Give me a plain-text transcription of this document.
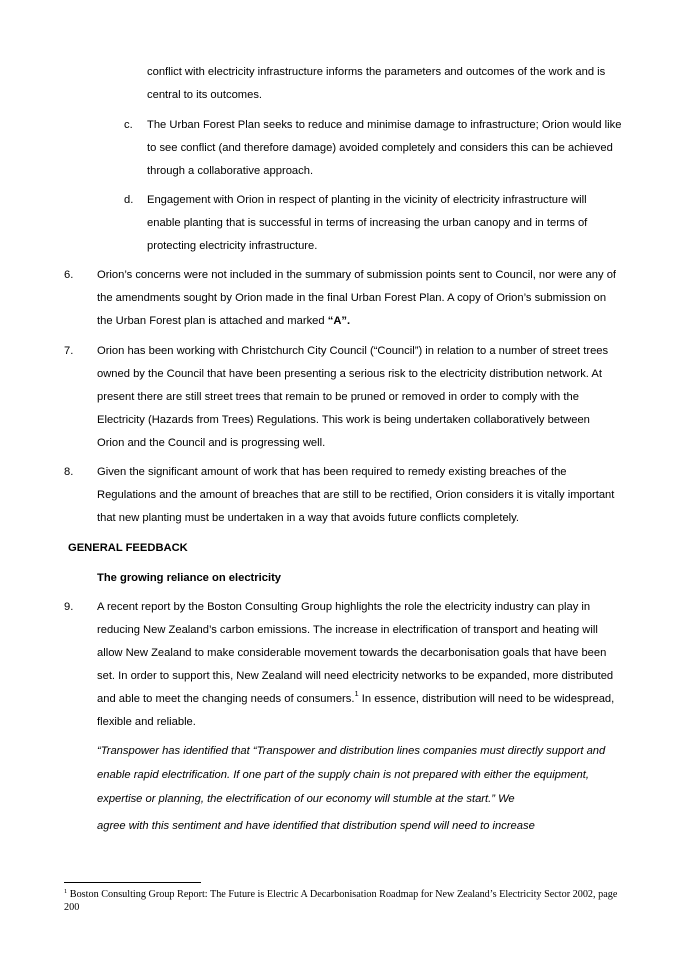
conflict with electricity infrastructure informs the parameters and outcomes of the work and is central to its outcomes.
c. The Urban Forest Plan seeks to reduce and minimise damage to infrastructure; Orion would like to see conflict (and therefore damage) avoided completely and considers this can be achieved through a collaborative approach.
d. Engagement with Orion in respect of planting in the vicinity of electricity infrastructure will enable planting that is successful in terms of increasing the urban canopy and in terms of protecting electricity infrastructure.
6. Orion’s concerns were not included in the summary of submission points sent to Council, nor were any of the amendments sought by Orion made in the final Urban Forest Plan. A copy of Orion’s submission on the Urban Forest plan is attached and marked “A”.
7. Orion has been working with Christchurch City Council (“Council”) in relation to a number of street trees owned by the Council that have been presenting a serious risk to the electricity distribution network. At present there are still street trees that remain to be pruned or removed in order to comply with the Electricity (Hazards from Trees) Regulations. This work is being undertaken collaboratively between Orion and the Council and is progressing well.
8. Given the significant amount of work that has been required to remedy existing breaches of the Regulations and the amount of breaches that are still to be rectified, Orion considers it is vitally important that new planting must be undertaken in a way that avoids future conflicts completely.
GENERAL FEEDBACK
The growing reliance on electricity
9. A recent report by the Boston Consulting Group highlights the role the electricity industry can play in reducing New Zealand’s carbon emissions. The increase in electrification of transport and heating will allow New Zealand to make considerable movement towards the decarbonisation goals that have been set. In order to support this, New Zealand will need electricity networks to be expanded, more distributed and able to meet the changing needs of consumers.$^1$ In essence, distribution will need to be widespread, flexible and reliable.
“Transpower has identified that “Transpower and distribution lines companies must directly support and enable rapid electrification. If one part of the supply chain is not prepared with either the equipment, expertise or planning, the electrification of our economy will stumble at the start.” We
agree with this sentiment and have identified that distribution spend will need to increase
$^1$ Boston Consulting Group Report: The Future is Electric A Decarbonisation Roadmap for New Zealand’s Electricity Sector 2002, page 200
